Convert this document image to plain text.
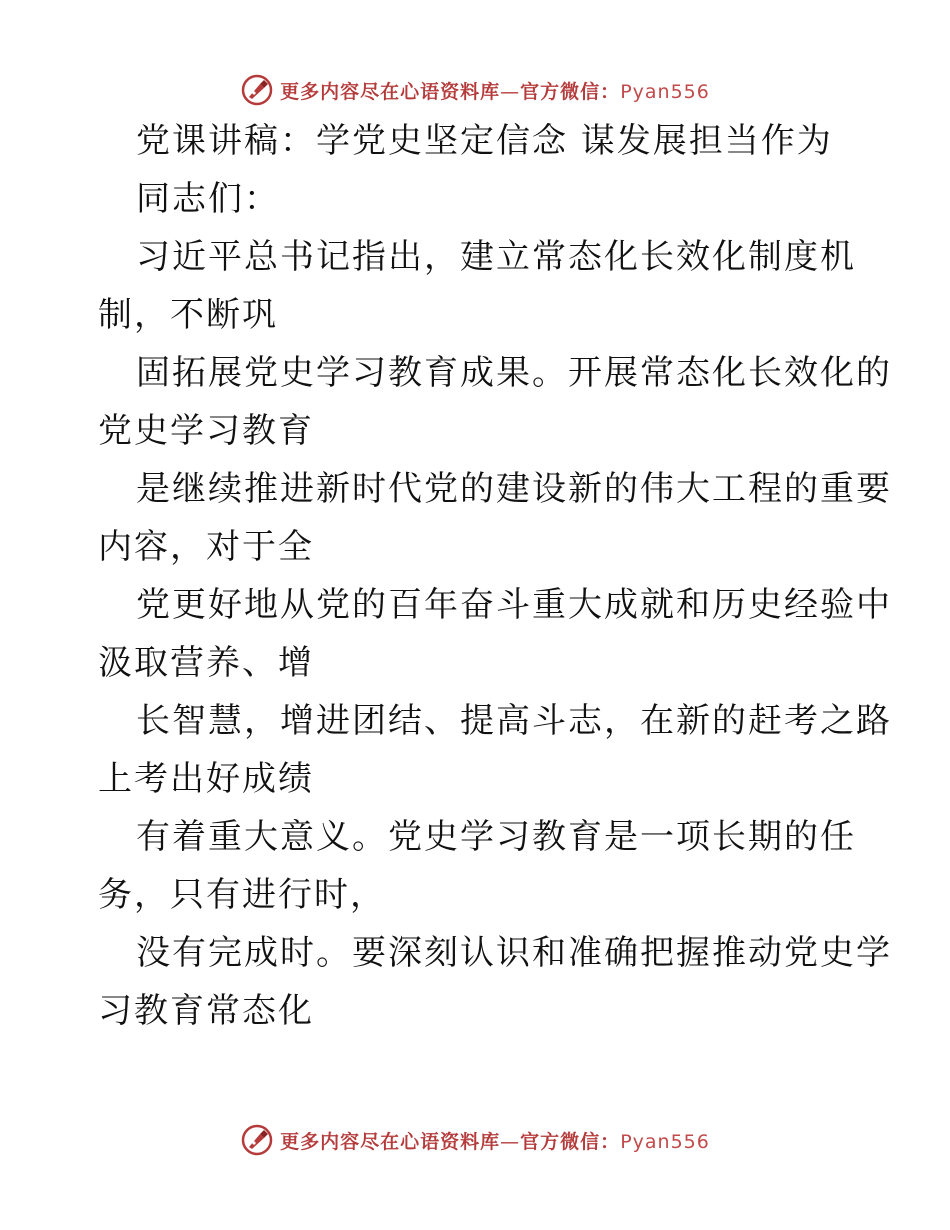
更多内容尽在心语资料库—官方微信：Pyan556
党课讲稿：学党史坚定信念 谋发展担当作为
同志们：
习近平总书记指出，建立常态化长效化制度机
制，不断巩
固拓展党史学习教育成果。开展常态化长效化的
党史学习教育
是继续推进新时代党的建设新的伟大工程的重要
内容，对于全
党更好地从党的百年奋斗重大成就和历史经验中
汲取营养、增
长智慧，增进团结、提高斗志，在新的赶考之路
上考出好成绩
有着重大意义。党史学习教育是一项长期的任
务，只有进行时，
没有完成时。要深刻认识和准确把握推动党史学
习教育常态化
更多内容尽在心语资料库—官方微信：Pyan556
